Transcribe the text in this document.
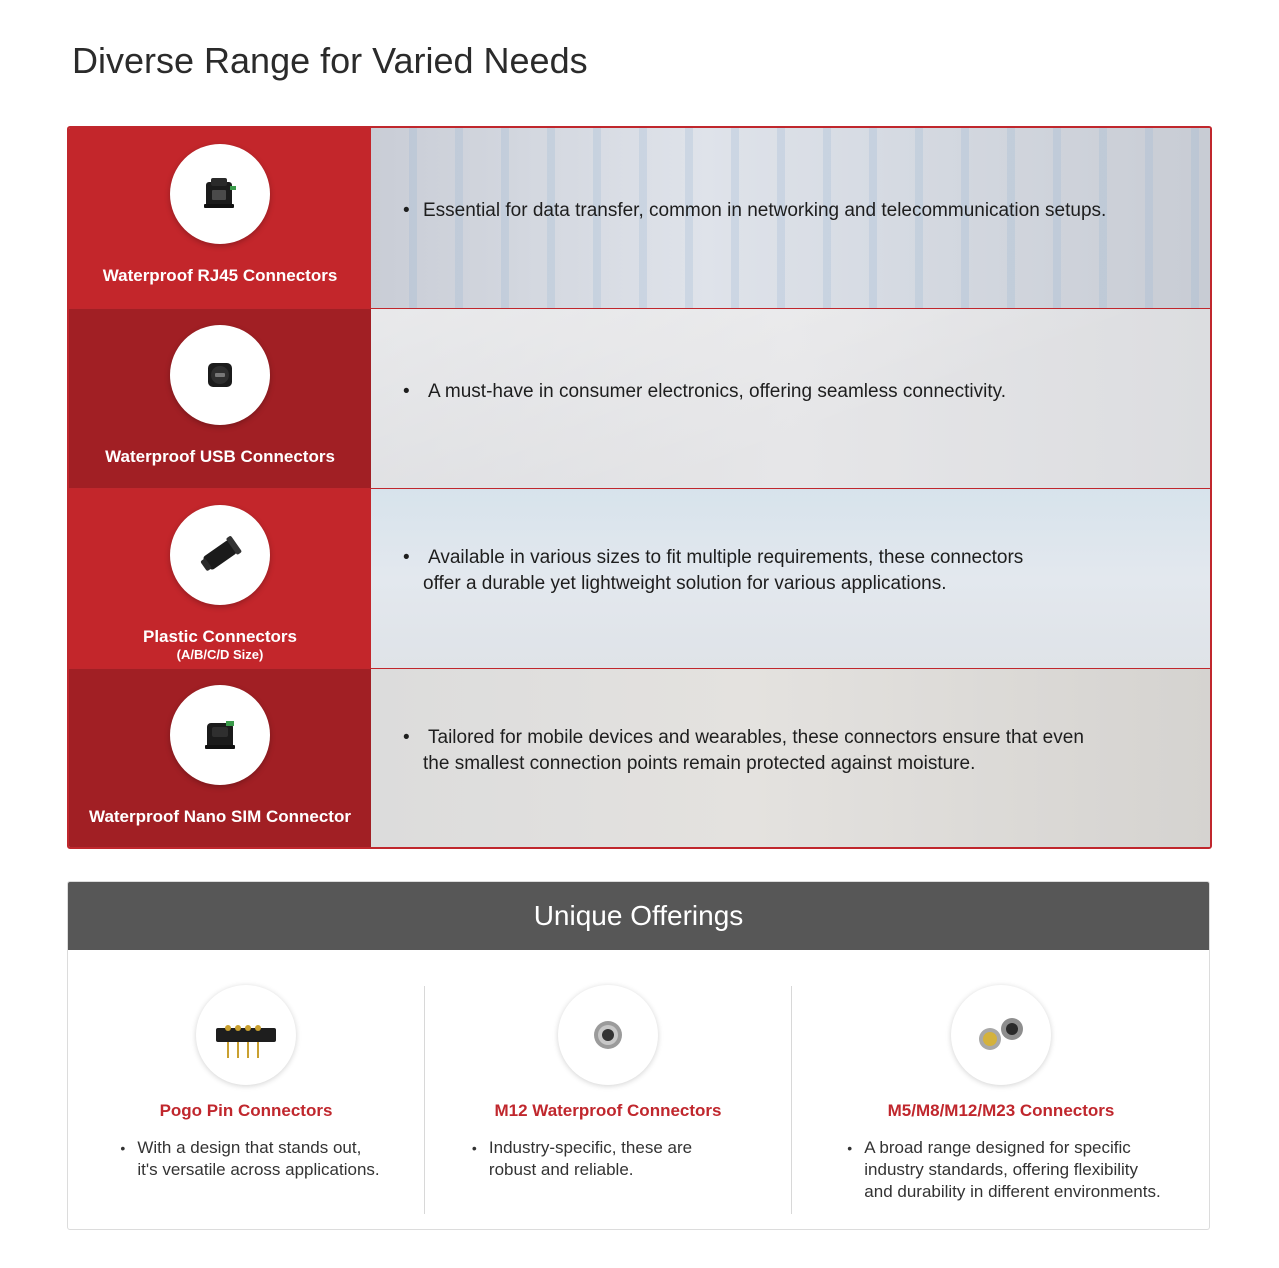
Diverse Range for Varied Needs
Waterproof RJ45 Connectors
• Essential for data transfer, common in networking and telecommunication setups.
Waterproof USB Connectors
• A must-have in consumer electronics, offering seamless connectivity.
Plastic Connectors
(A/B/C/D Size)
• Available in various sizes to fit multiple requirements, these connectors
offer a durable yet lightweight solution for various applications.
Waterproof Nano SIM Connector
• Tailored for mobile devices and wearables, these connectors ensure that even
the smallest connection points remain protected against moisture.
Unique Offerings
Pogo Pin Connectors
• With a design that stands out,
it's versatile across applications.
M12 Waterproof Connectors
• Industry-specific, these are
robust and reliable.
M5/M8/M12/M23 Connectors
• A broad range designed for specific
industry standards, offering flexibility
and durability in different environments.
